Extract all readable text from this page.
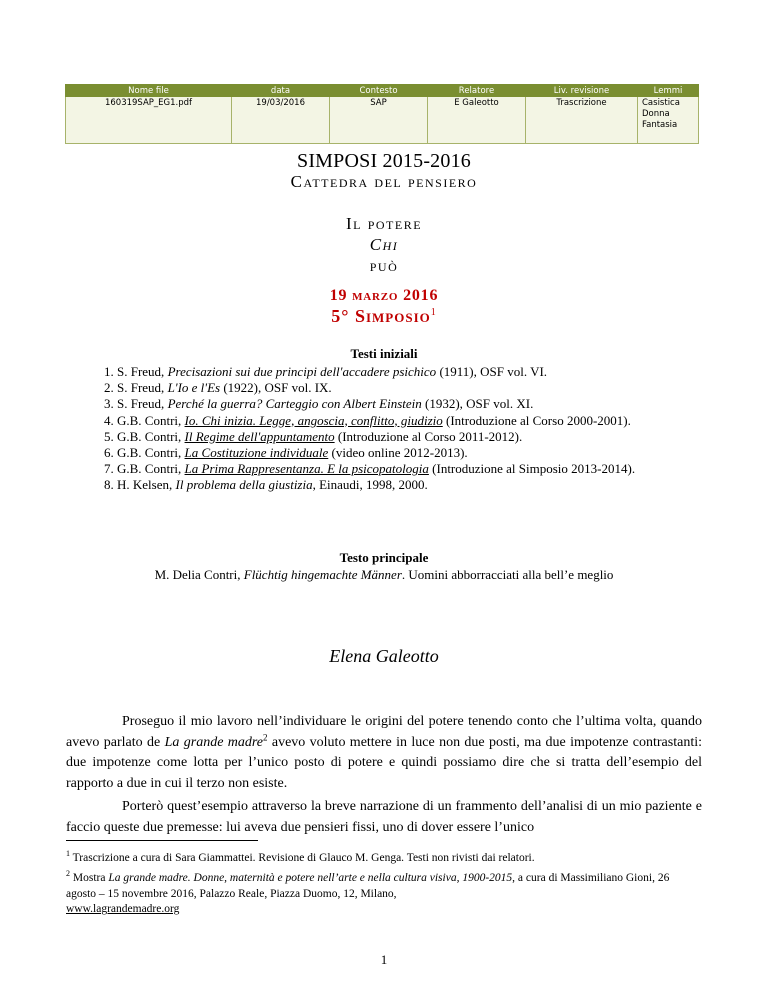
Nome file	data	Contesto	Relatore	Liv. revisione	Lemmi
160319SAP_EG1.pdf	19/03/2016	SAP	E Galeotto	Trascrizione	Casistica
Donna
Fantasia
SIMPOSI 2015-2016
Cattedra del pensiero
Il potere
Chi
può
19 marzo 2016
5° Simposio$^1$
Testi iniziali
1. S. Freud, Precisazioni sui due principi dell'accadere psichico (1911), OSF vol. VI.
2. S. Freud, L'Io e l'Es (1922), OSF vol. IX.
3. S. Freud, Perché la guerra? Carteggio con Albert Einstein (1932), OSF vol. XI.
4. G.B. Contri, Io. Chi inizia. Legge, angoscia, conflitto, giudizio (Introduzione al Corso 2000-2001).
5. G.B. Contri, Il Regime dell'appuntamento (Introduzione al Corso 2011-2012).
6. G.B. Contri, La Costituzione individuale (video online 2012-2013).
7. G.B. Contri, La Prima Rappresentanza. E la psicopatologia (Introduzione al Simposio 2013-2014).
8. H. Kelsen, Il problema della giustizia, Einaudi, 1998, 2000.
Testo principale
M. Delia Contri, Flüchtig hingemachte Männer. Uomini abborracciati alla bell’e meglio
Elena Galeotto

Proseguo il mio lavoro nell’individuare le origini del potere tenendo conto che l’ultima volta, quando avevo parlato de La grande madre$^2$ avevo voluto mettere in luce non due posti, ma due impotenze contrastanti: due impotenze come lotta per l’unico posto di potere e quindi possiamo dire che si tratta dell’esempio del rapporto a due in cui il terzo non esiste.

Porterò quest’esempio attraverso la breve narrazione di un frammento dell’analisi di un mio paziente e faccio queste due premesse: lui aveva due pensieri fissi, uno di dover essere l’unico

$^1$ Trascrizione a cura di Sara Giammattei. Revisione di Glauco M. Genga. Testi non rivisti dai relatori.

$^2$ Mostra La grande madre. Donne, maternità e potere nell’arte e nella cultura visiva, 1900-2015, a cura di Massimiliano Gioni, 26 agosto – 15 novembre 2016, Palazzo Reale, Piazza Duomo, 12, Milano,
www.lagrandemadre.org

1
